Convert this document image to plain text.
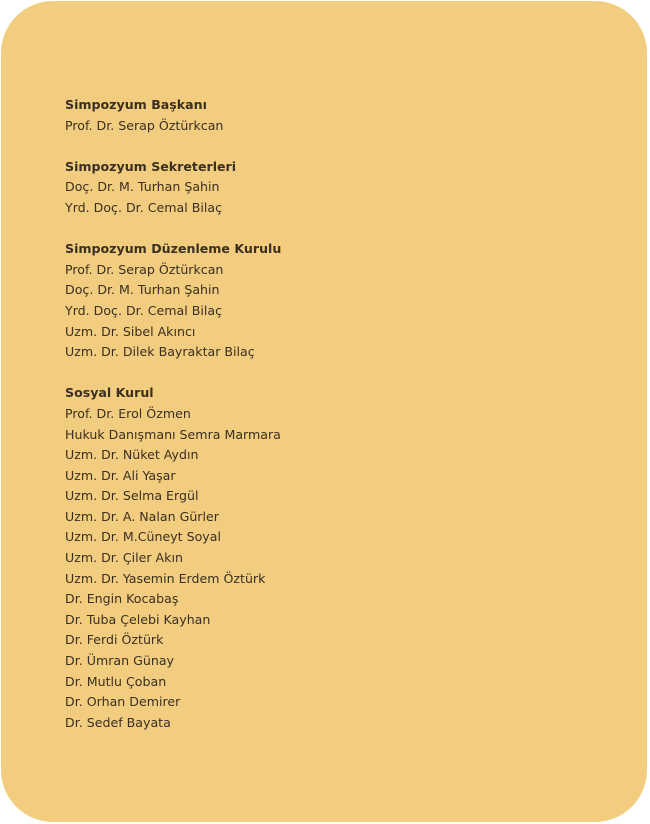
Simpozyum Başkanı
Prof. Dr. Serap Öztürkcan
Simpozyum Sekreterleri
Doç. Dr. M. Turhan Şahin
Yrd. Doç. Dr. Cemal Bilaç
Simpozyum Düzenleme Kurulu
Prof. Dr. Serap Öztürkcan
Doç. Dr. M. Turhan Şahin
Yrd. Doç. Dr. Cemal Bilaç
Uzm. Dr. Sibel Akıncı
Uzm. Dr. Dilek Bayraktar Bilaç
Sosyal Kurul
Prof. Dr. Erol Özmen
Hukuk Danışmanı Semra Marmara
Uzm. Dr. Nüket Aydın
Uzm. Dr. Ali Yaşar
Uzm. Dr. Selma Ergül
Uzm. Dr. A. Nalan Gürler
Uzm. Dr. M.Cüneyt Soyal
Uzm. Dr. Çiler Akın
Uzm. Dr. Yasemin Erdem Öztürk
Dr. Engin Kocabaş
Dr. Tuba Çelebi Kayhan
Dr. Ferdi Öztürk
Dr. Ümran Günay
Dr. Mutlu Çoban
Dr. Orhan Demirer
Dr. Sedef Bayata
